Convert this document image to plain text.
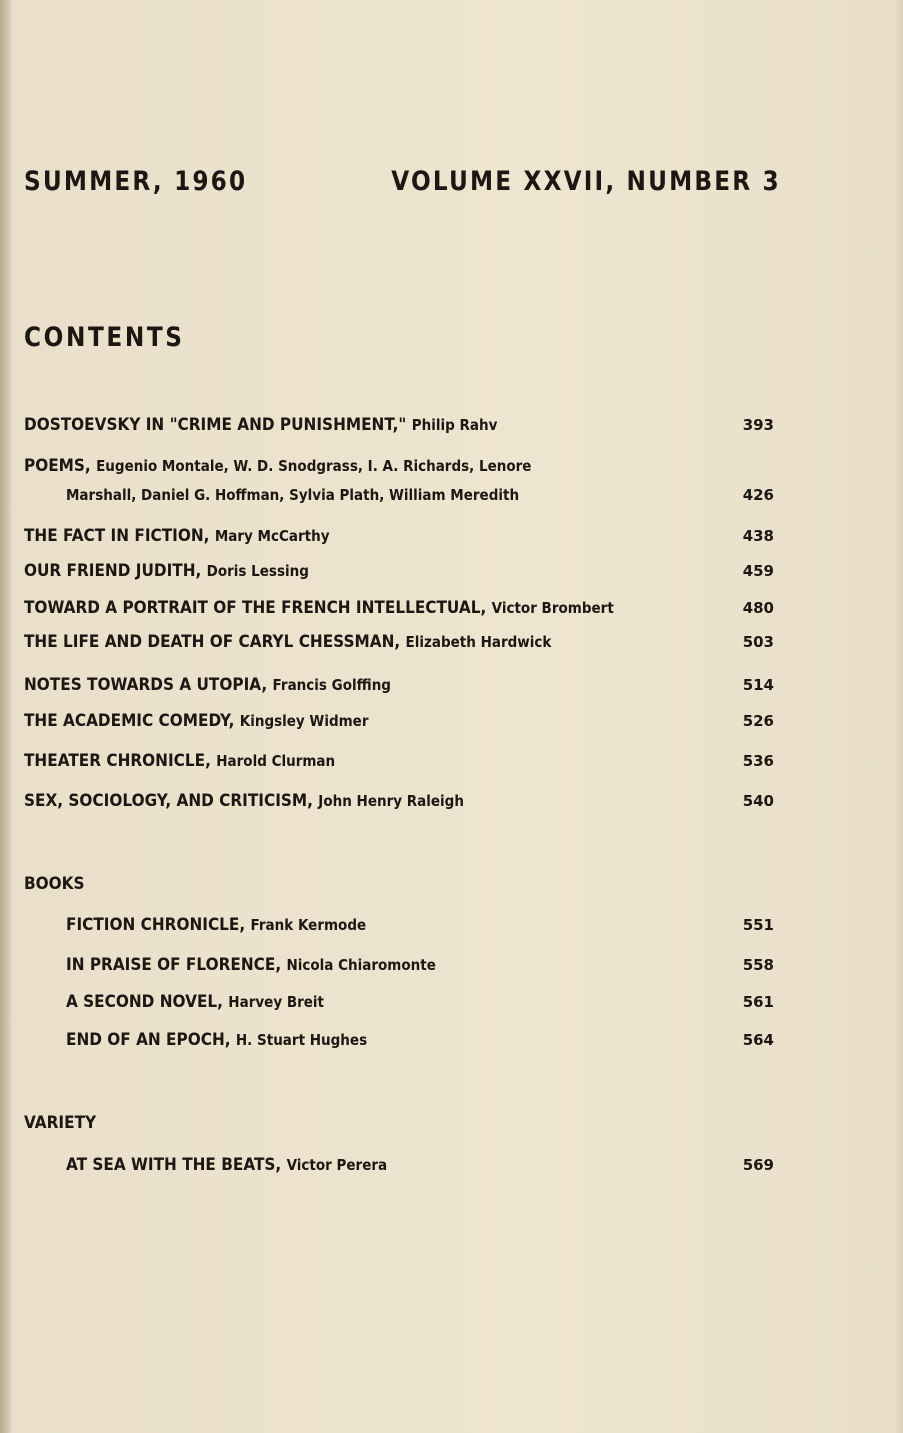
SUMMER, 1960	VOLUME XXVII, NUMBER 3
CONTENTS
DOSTOEVSKY IN "CRIME AND PUNISHMENT," Philip Rahv	393
POEMS, Eugenio Montale, W. D. Snodgrass, I. A. Richards, Lenore
Marshall, Daniel G. Hoffman, Sylvia Plath, William Meredith	426
THE FACT IN FICTION, Mary McCarthy	438
OUR FRIEND JUDITH, Doris Lessing	459
TOWARD A PORTRAIT OF THE FRENCH INTELLECTUAL, Victor Brombert	480
THE LIFE AND DEATH OF CARYL CHESSMAN, Elizabeth Hardwick	503
NOTES TOWARDS A UTOPIA, Francis Golffing	514
THE ACADEMIC COMEDY, Kingsley Widmer	526
THEATER CHRONICLE, Harold Clurman	536
SEX, SOCIOLOGY, AND CRITICISM, John Henry Raleigh	540
BOOKS
FICTION CHRONICLE, Frank Kermode	551
IN PRAISE OF FLORENCE, Nicola Chiaromonte	558
A SECOND NOVEL, Harvey Breit	561
END OF AN EPOCH, H. Stuart Hughes	564
VARIETY
AT SEA WITH THE BEATS, Victor Perera	569
